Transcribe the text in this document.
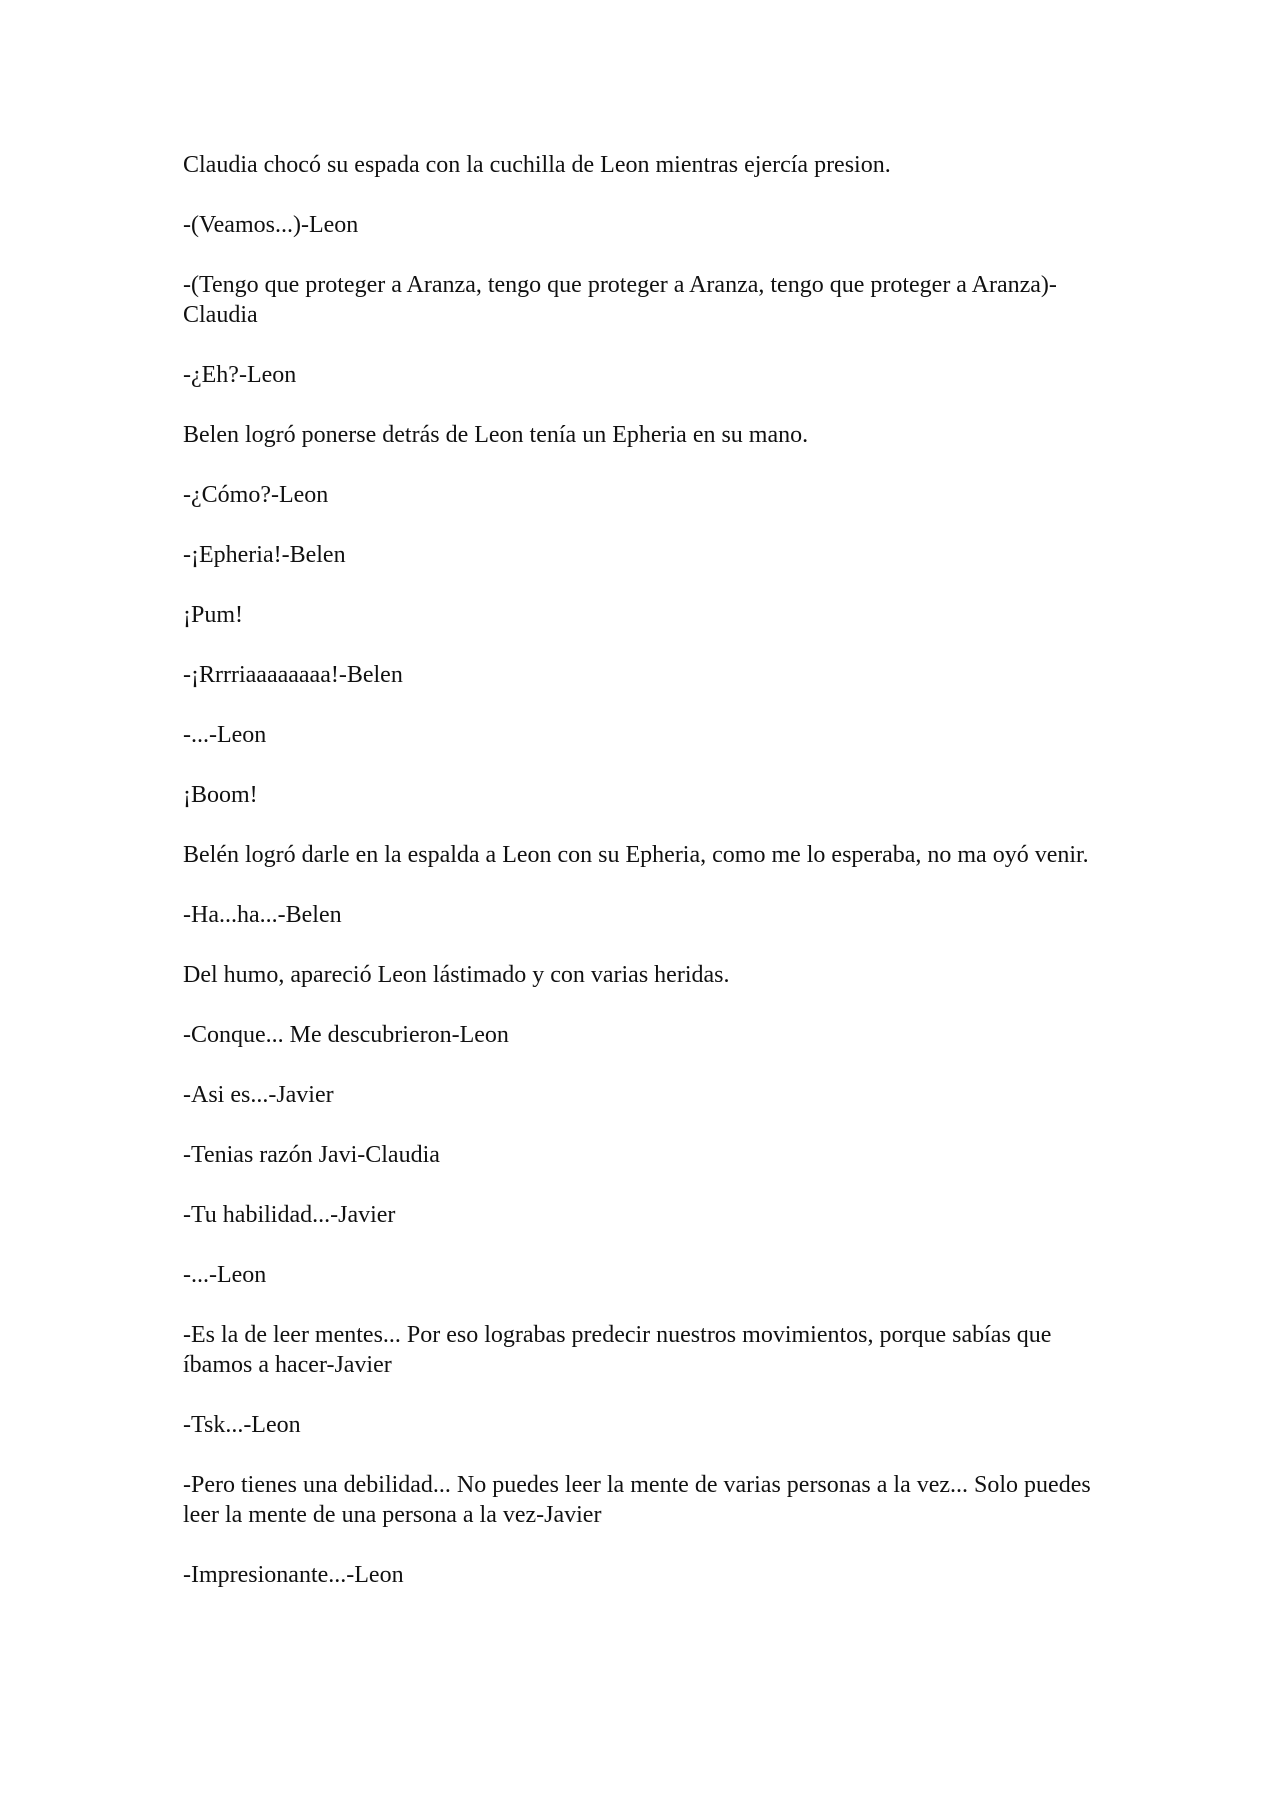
Claudia chocó su espada con la cuchilla de Leon mientras ejercía presion.

-(Veamos...)-Leon

-(Tengo que proteger a Aranza, tengo que proteger a Aranza, tengo que proteger a Aranza)-Claudia

-¿Eh?-Leon

Belen logró ponerse detrás de Leon tenía un Epheria en su mano.

-¿Cómo?-Leon

-¡Epheria!-Belen

¡Pum!

-¡Rrrriaaaaaaaa!-Belen

-...-Leon

¡Boom!

Belén logró darle en la espalda a Leon con su Epheria, como me lo esperaba, no ma oyó venir.

-Ha...ha...-Belen

Del humo, apareció Leon lástimado y con varias heridas.

-Conque... Me descubrieron-Leon

-Asi es...-Javier

-Tenias razón Javi-Claudia

-Tu habilidad...-Javier

-...-Leon

-Es la de leer mentes... Por eso lograbas predecir nuestros movimientos, porque sabías que íbamos a hacer-Javier

-Tsk...-Leon

-Pero tienes una debilidad... No puedes leer la mente de varias personas a la vez... Solo puedes leer la mente de una persona a la vez-Javier

-Impresionante...-Leon
